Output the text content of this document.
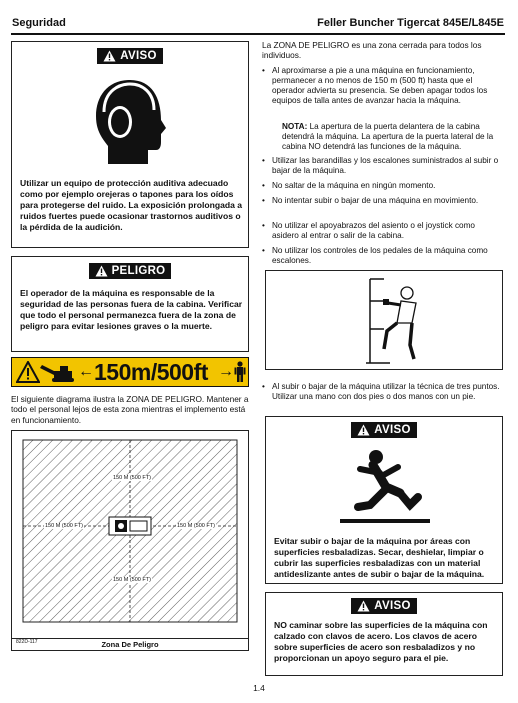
Seguridad	Feller Buncher Tigercat 845E/L845E
AVISO
Utilizar un equipo de protección auditiva adecuado como por ejemplo orejeras o tapones para los oídos para protegerse del ruido. La exposición prolongada a ruidos fuertes puede ocasionar trastornos auditivos o la pérdida de la audición.
PELIGRO
El operador de la máquina es responsable de la seguridad de las personas fuera de la cabina. Verificar que todo el personal permanezca fuera de la zona de peligro para evitar lesiones graves o la muerte.
← 150m/500ft →
El siguiente diagrama ilustra la ZONA DE PELIGRO. Mantener a todo el personal lejos de esta zona mientras el implemento está en funcionamiento.
150 M (500 FT)
150 M (500 FT)	150 M (500 FT)
150 M (500 FT)
822D-117	Zona De Peligro
La ZONA DE PELIGRO es una zona cerrada para todos los individuos.
• Al aproximarse a pie a una máquina en funcionamiento, permanecer a no menos de 150 m (500 ft) hasta que el operador advierta su presencia. Se deben apagar todos los equipos de talla antes de avanzar hacia la máquina.
NOTA: La apertura de la puerta delantera de la cabina detendrá la máquina. La apertura de la puerta lateral de la cabina NO detendrá las funciones de la máquina.
• Utilizar las barandillas y los escalones suministrados al subir o bajar de la máquina.
• No saltar de la máquina en ningún momento.
• No intentar subir o bajar de una máquina en movimiento.
• No utilizar el apoyabrazos del asiento o el joystick como asidero al entrar o salir de la cabina.
• No utilizar los controles de los pedales de la máquina como escalones.
• Al subir o bajar de la máquina utilizar la técnica de tres puntos. Utilizar una mano con dos pies o dos manos con un pie.
AVISO
Evitar subir o bajar de la máquina por áreas con superficies resbaladizas. Secar, deshielar, limpiar o cubrir las superficies resbaladizas con un material antideslizante antes de subir o bajar de la máquina.
AVISO
NO caminar sobre las superficies de la máquina con calzado con clavos de acero. Los clavos de acero sobre superficies de acero son resbaladizos y no proporcionan un apoyo seguro para el pie.
1.4
